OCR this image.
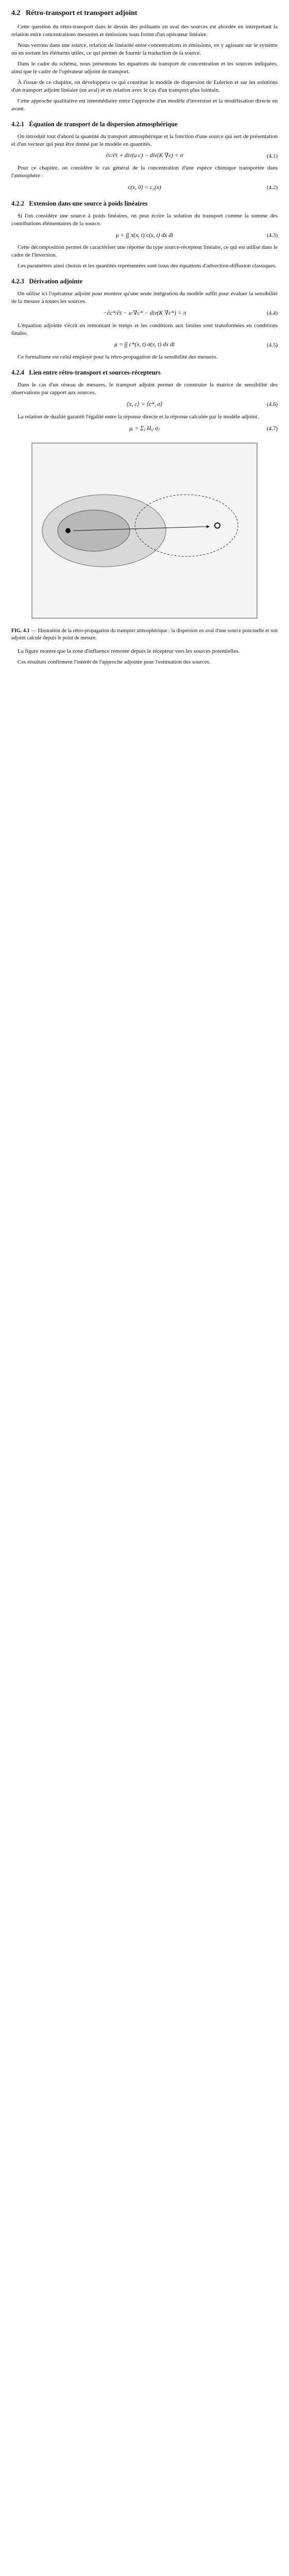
4.2 Rétro-transport et transport adjoint

Cette question du rétro-transport dans le dessin des polluants en aval des sources est abordée en interprétant la relation entre concentrations mesurées et émissions sous forme d'un opérateur linéaire.

Nous verrons dans une source, relation de linéarité entre concentrations et émissions, en y agissant sur le système ou en sortant les éléments utiles, ce qui permet de fournir la traduction de la source.

Dans le cadre du schéma, nous présentons les équations du transport de concentration et les sources indiquées, ainsi que le cadre de l'opérateur adjoint de transport.

À l'issue de ce chapitre, on développera ce qui constitue le modèle de dispersion de Eulerien et sur les solutions d'un transport adjoint linéaire (en aval) et en relation avec le cas d'un transport plus lointain.

Cette approche qualitative est intermédiaire entre l'approche d'un modèle d'inversion et la modélisation directe en avant.

4.2.1 Équation de transport de la dispersion atmosphérique

On introduit tout d'abord la quantité du transport atmosphérique et la fonction d'une source qui sert de présentation et d'un vecteur qui peut être donné par le modèle en quantités.

∂c/∂t + div(u c) − div(K ∇c) = σ	(4.1)

Pour ce chapitre, on considère le cas général de la concentration d'une espèce chimique transportée dans l'atmosphère :

c(x, 0) = c₀(x)	(4.2)
4.2.2 Extension dans une source à poids linéaires

Si l'on considère une source à poids linéaires, on peut écrire la solution du transport comme la somme des contributions élémentaires de la source.

μ = ∫∫ π(x, t) c(x, t) dx dt	(4.3)

Cette décomposition permet de caractériser une réponse du type source-récepteur linéaire, ce qui est utilisé dans le cadre de l'inversion.

Les paramètres ainsi choisis et les quantités représentées sont issus des équations d'advection-diffusion classiques.

4.2.3 Dérivation adjointe

On utilise ici l'opérateur adjoint pour montrer qu'une seule intégration du modèle suffit pour évaluer la sensibilité de la mesure à toutes les sources.

−∂c*/∂t − u·∇c* − div(K ∇c*) = π	(4.4)

L'équation adjointe s'écrit en remontant le temps et les conditions aux limites sont transformées en conditions finales.

μ = ∫∫ c*(x, t) σ(x, t) dx dt	(4.5)

Ce formalisme est celui employé pour la rétro-propagation de la sensibilité des mesures.

4.2.4 Lien entre rétro-transport et sources-récepteurs

Dans le cas d'un réseau de mesures, le transport adjoint permet de construire la matrice de sensibilité des observations par rapport aux sources.

⟨π, c⟩ = ⟨c*, σ⟩	(4.6)

La relation de dualité garantit l'égalité entre la réponse directe et la réponse calculée par le modèle adjoint.

μᵢ = Σⱼ Hᵢⱼ σⱼ	(4.7)
FIG. 4.1 — Illustration de la rétro-propagation du transport atmosphérique : la dispersion en aval d'une source ponctuelle et son adjoint calculé depuis le point de mesure.

La figure montre que la zone d'influence remonte depuis le récepteur vers les sources potentielles.

Ces résultats confirment l'intérêt de l'approche adjointe pour l'estimation des sources.
